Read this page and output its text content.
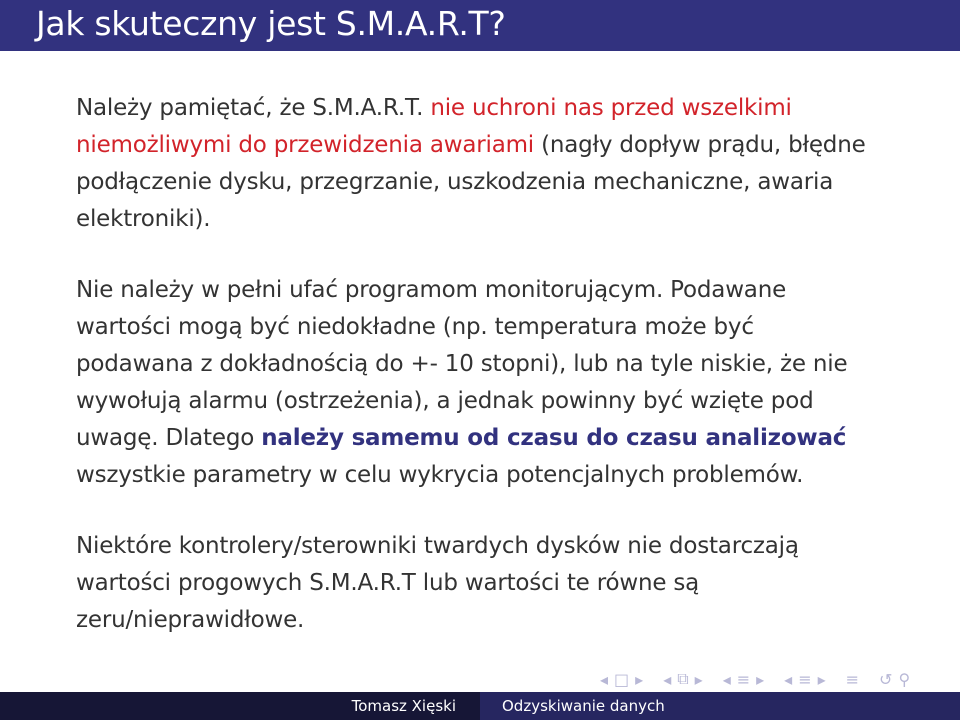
Jak skuteczny jest S.M.A.R.T?

Należy pamiętać, że S.M.A.R.T. nie uchroni nas przed wszelkimi niemożliwymi do przewidzenia awariami (nagły dopływ prądu, błędne podłączenie dysku, przegrzanie, uszkodzenia mechaniczne, awaria elektroniki).

Nie należy w pełni ufać programom monitorującym. Podawane wartości mogą być niedokładne (np. temperatura może być podawana z dokładnością do +- 10 stopni), lub na tyle niskie, że nie wywołują alarmu (ostrzeżenia), a jednak powinny być wzięte pod uwagę. Dlatego należy samemu od czasu do czasu analizować wszystkie parametry w celu wykrycia potencjalnych problemów.

Niektóre kontrolery/sterowniki twardych dysków nie dostarczają wartości progowych S.M.A.R.T lub wartości te równe są zeru/nieprawidłowe.

◂ □ ▸ ◂ ⧉ ▸ ◂ ≡ ▸ ◂ ≡ ▸ ≡ ↺ ⚲
Tomasz Xięski	Odzyskiwanie danych
